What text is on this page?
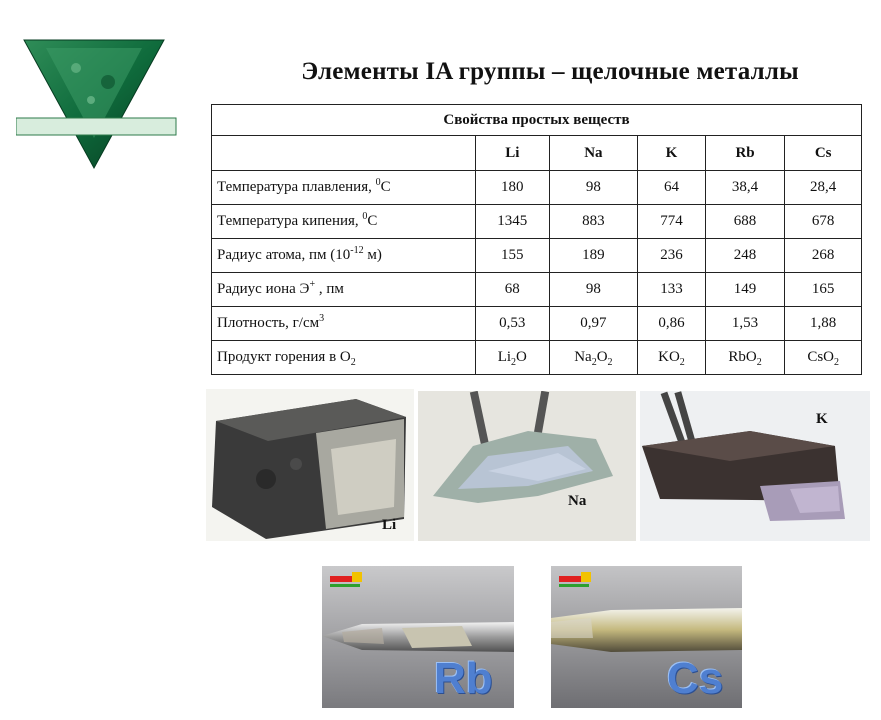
Элементы IA группы – щелочные металлы
Свойства простых веществ					
	Li	Na	K	Rb	Cs
Температура плавления, $^0$C	180	98	64	38,4	28,4
Температура кипения, $^0$C	1345	883	774	688	678
Радиус атома, пм ($10^{-12}$ м)	155	189	236	248	268
Радиус иона Э+ , пм	68	98	133	149	165
Плотность, $г/см^3$	0,53	0,97	0,86	1,53	1,88
Продукт горения в $O_2$	$Li_2O$	$Na_2O_2$	$KO_2$	RbO$_2$	CsO$_2$
Li
Na
K
Rb	Cs
